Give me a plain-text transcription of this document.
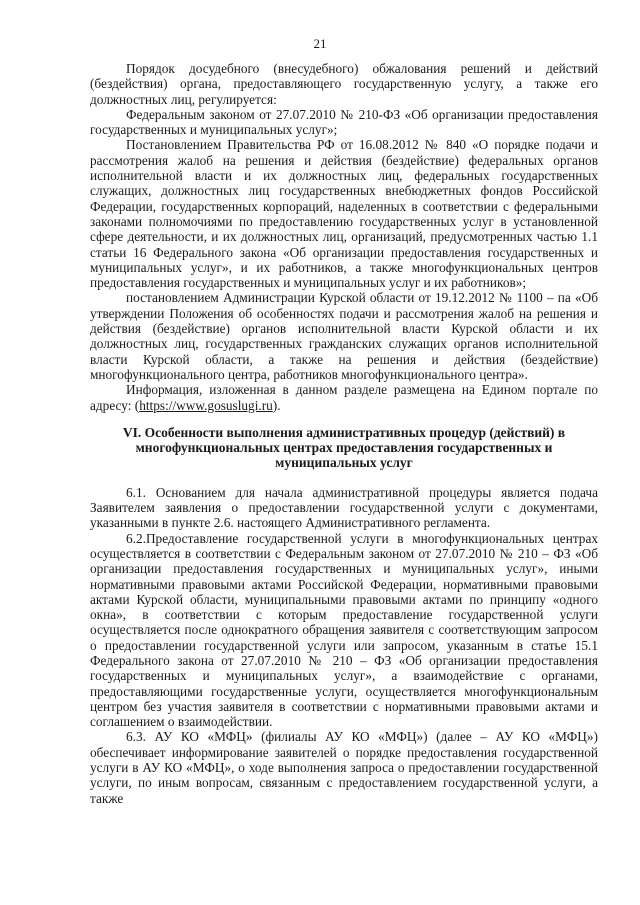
21

Порядок досудебного (внесудебного) обжалования решений и действий (бездействия) органа, предоставляющего государственную услугу, а также его должностных лиц, регулируется:

Федеральным законом от 27.07.2010 № 210-ФЗ «Об организации предоставления государственных и муниципальных услуг»;

Постановлением Правительства РФ от 16.08.2012 № 840 «О порядке подачи и рассмотрения жалоб на решения и действия (бездействие) федеральных органов исполнительной власти и их должностных лиц, федеральных государственных служащих, должностных лиц государственных внебюджетных фондов Российской Федерации, государственных корпораций, наделенных в соответствии с федеральными законами полномочиями по предоставлению государственных услуг в установленной сфере деятельности, и их должностных лиц, организаций, предусмотренных частью 1.1 статьи 16 Федерального закона «Об организации предоставления государственных и муниципальных услуг», и их работников, а также многофункциональных центров предоставления государственных и муниципальных услуг и их работников»;

постановлением Администрации Курской области от 19.12.2012 № 1100 – па «Об утверждении Положения об особенностях подачи и рассмотрения жалоб на решения и действия (бездействие) органов исполнительной власти Курской области и их должностных лиц, государственных гражданских служащих органов исполнительной власти Курской области, а также на решения и действия (бездействие) многофункционального центра, работников многофункционального центра».

Информация, изложенная в данном разделе размещена на Едином портале по адресу: (https://www.gosuslugi.ru).

VI. Особенности выполнения административных процедур (действий) в многофункциональных центрах предоставления государственных и муниципальных услуг

6.1. Основанием для начала административной процедуры является подача Заявителем заявления о предоставлении государственной услуги с документами, указанными в пункте 2.6. настоящего Административного регламента.

6.2.Предоставление государственной услуги в многофункциональных центрах осуществляется в соответствии с Федеральным законом от 27.07.2010 № 210 – ФЗ «Об организации предоставления государственных и муниципальных услуг», иными нормативными правовыми актами Российской Федерации, нормативными правовыми актами Курской области, муниципальными правовыми актами по принципу «одного окна», в соответствии с которым предоставление государственной услуги осуществляется после однократного обращения заявителя с соответствующим запросом о предоставлении государственной услуги или запросом, указанным в статье 15.1 Федерального закона от 27.07.2010 № 210 – ФЗ «Об организации предоставления государственных и муниципальных услуг», а взаимодействие с органами, предоставляющими государственные услуги, осуществляется многофункциональным центром без участия заявителя в соответствии с нормативными правовыми актами и соглашением о взаимодействии.

6.3. АУ КО «МФЦ» (филиалы АУ КО «МФЦ») (далее – АУ КО «МФЦ») обеспечивает информирование заявителей о порядке предоставления государственной услуги в АУ КО «МФЦ», о ходе выполнения запроса о предоставлении государственной услуги, по иным вопросам, связанным с предоставлением государственной услуги, а также
